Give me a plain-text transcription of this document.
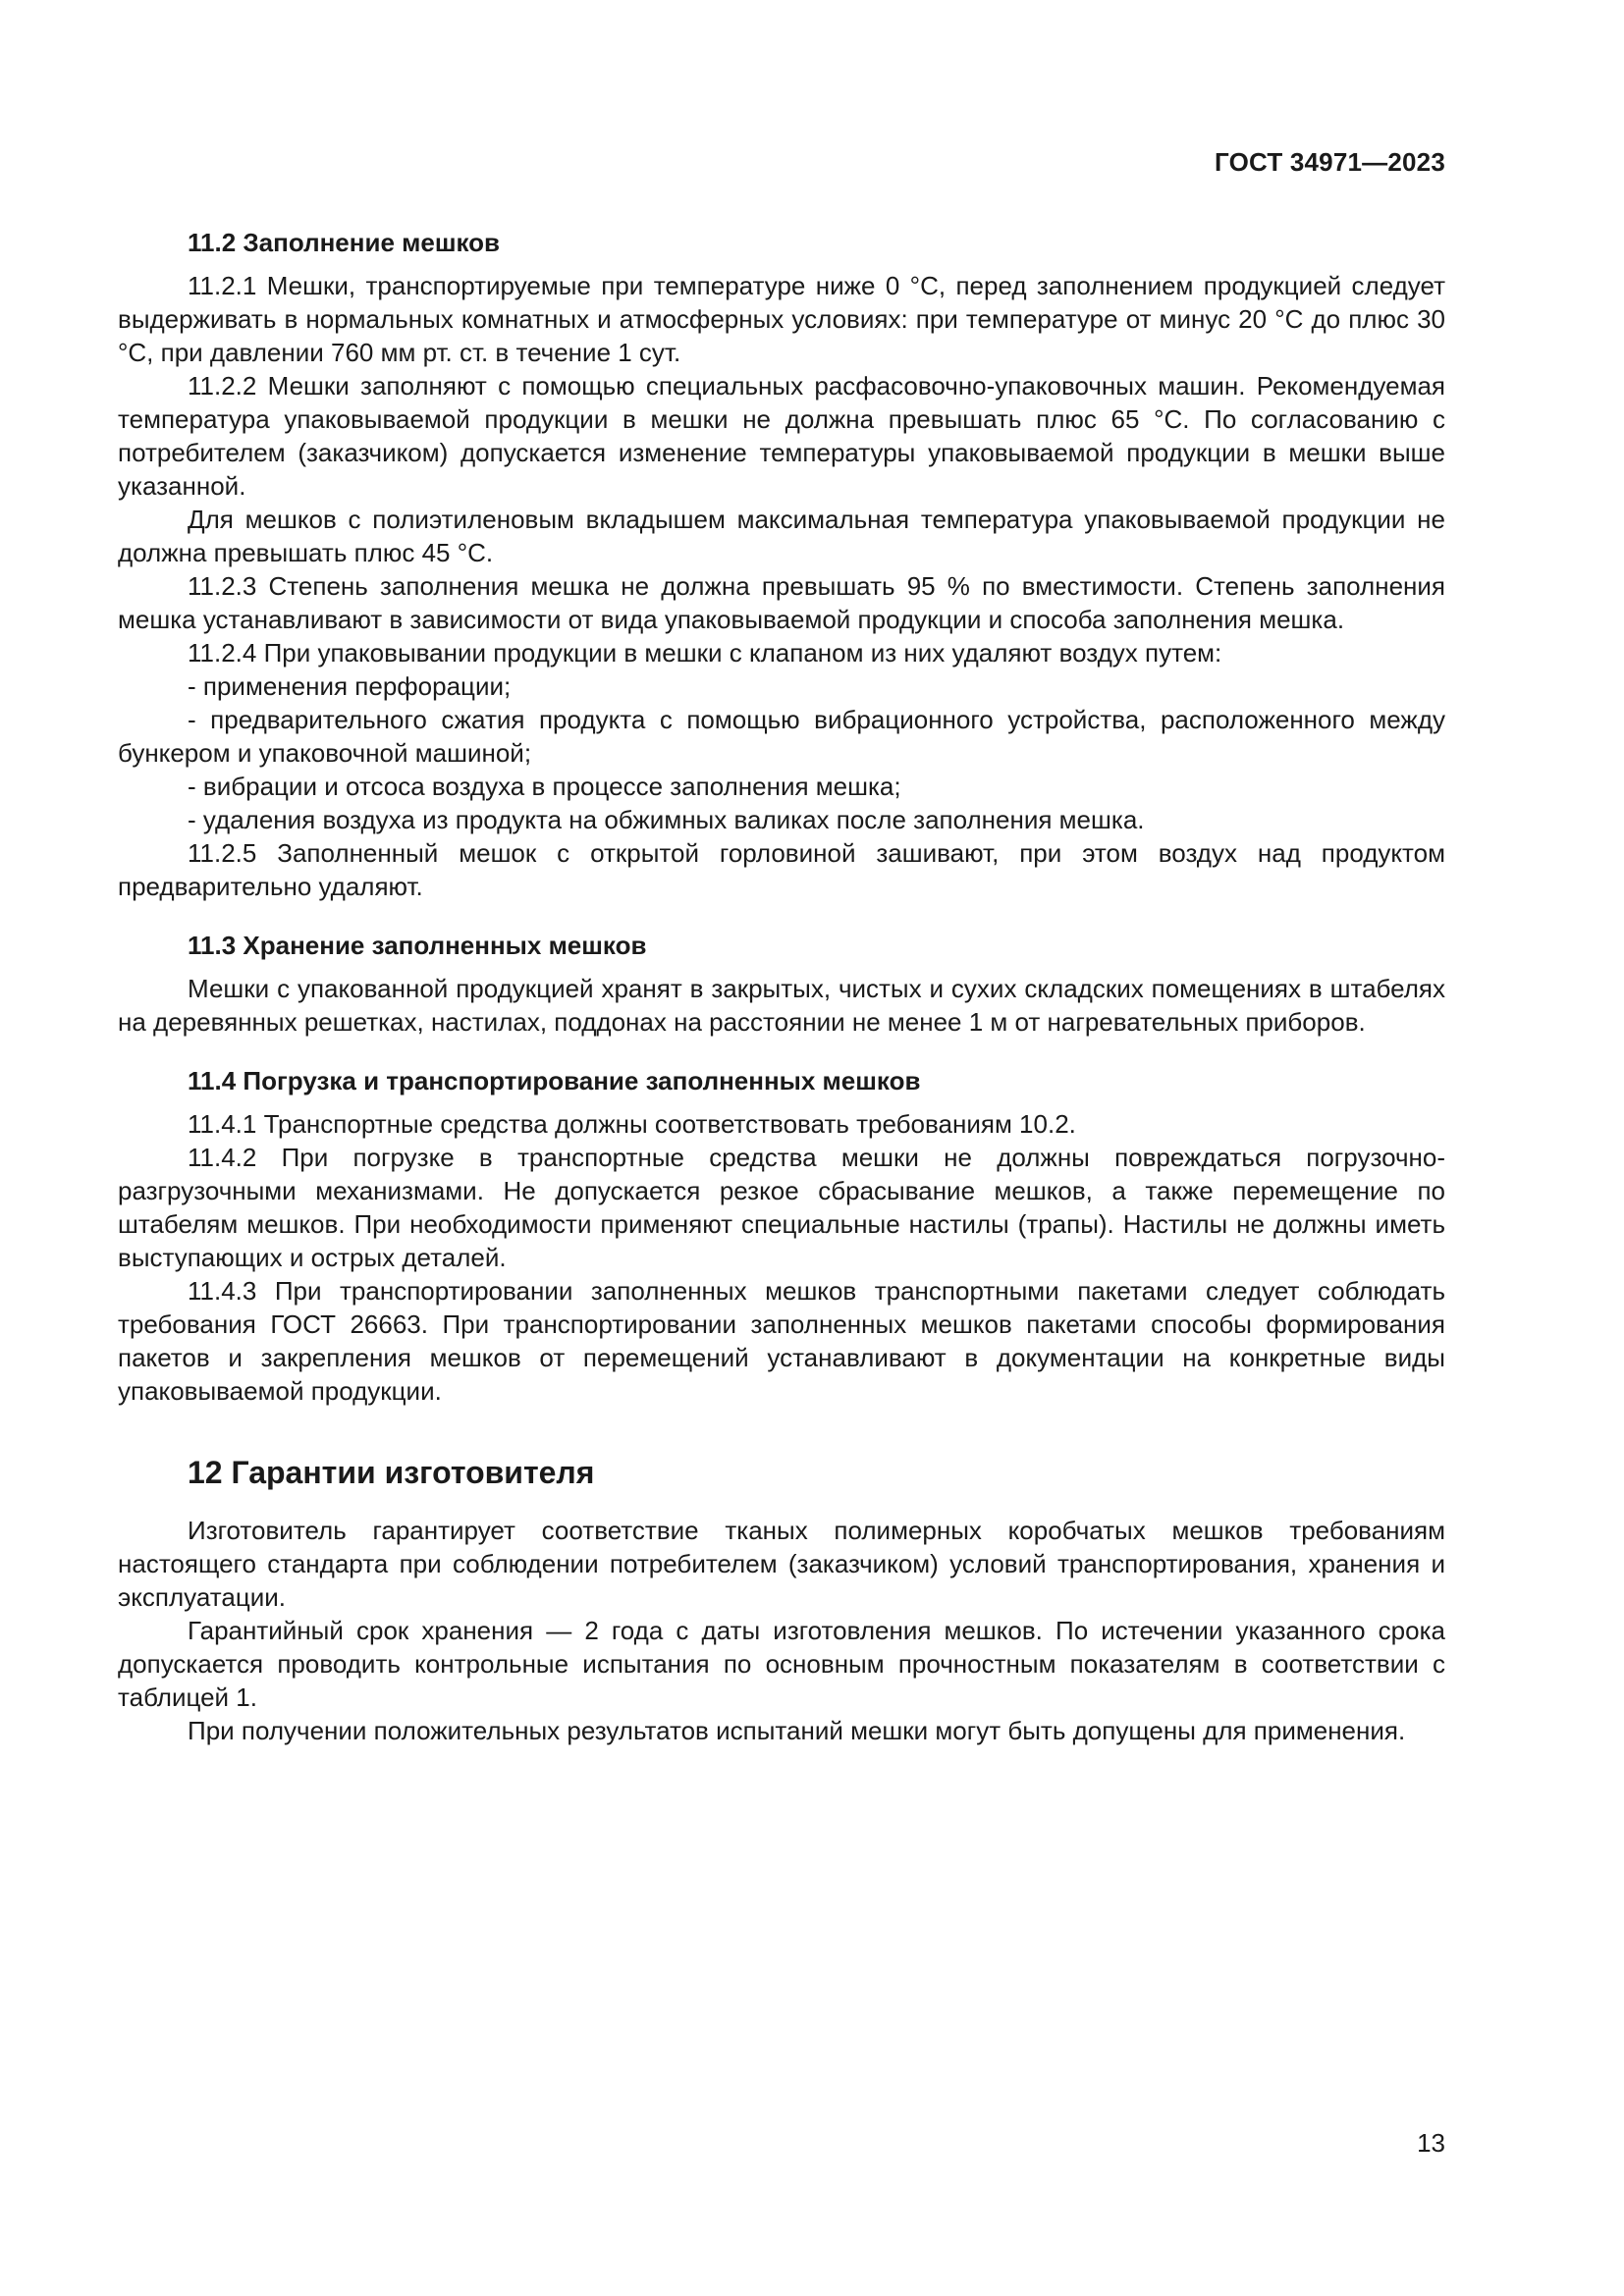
ГОСТ 34971—2023
11.2 Заполнение мешков

11.2.1 Мешки, транспортируемые при температуре ниже 0 °С, перед заполнением продукцией следует выдерживать в нормальных комнатных и атмосферных условиях: при температуре от минус 20 °С до плюс 30 °С, при давлении 760 мм рт. ст. в течение 1 сут.

11.2.2 Мешки заполняют с помощью специальных расфасовочно-упаковочных машин. Рекомендуемая температура упаковываемой продукции в мешки не должна превышать плюс 65 °С. По согласованию с потребителем (заказчиком) допускается изменение температуры упаковываемой продукции в мешки выше указанной.

Для мешков с полиэтиленовым вкладышем максимальная температура упаковываемой продукции не должна превышать плюс 45 °С.

11.2.3 Степень заполнения мешка не должна превышать 95 % по вместимости. Степень заполнения мешка устанавливают в зависимости от вида упаковываемой продукции и способа заполнения мешка.

11.2.4 При упаковывании продукции в мешки с клапаном из них удаляют воздух путем:

- применения перфорации;

- предварительного сжатия продукта с помощью вибрационного устройства, расположенного между бункером и упаковочной машиной;

- вибрации и отсоса воздуха в процессе заполнения мешка;

- удаления воздуха из продукта на обжимных валиках после заполнения мешка.

11.2.5 Заполненный мешок с открытой горловиной зашивают, при этом воздух над продуктом предварительно удаляют.

11.3 Хранение заполненных мешков

Мешки с упакованной продукцией хранят в закрытых, чистых и сухих складских помещениях в штабелях на деревянных решетках, настилах, поддонах на расстоянии не менее 1 м от нагревательных приборов.

11.4 Погрузка и транспортирование заполненных мешков

11.4.1 Транспортные средства должны соответствовать требованиям 10.2.

11.4.2 При погрузке в транспортные средства мешки не должны повреждаться погрузочно-разгрузочными механизмами. Не допускается резкое сбрасывание мешков, а также перемещение по штабелям мешков. При необходимости применяют специальные настилы (трапы). Настилы не должны иметь выступающих и острых деталей.

11.4.3 При транспортировании заполненных мешков транспортными пакетами следует соблюдать требования ГОСТ 26663. При транспортировании заполненных мешков пакетами способы формирования пакетов и закрепления мешков от перемещений устанавливают в документации на конкретные виды упаковываемой продукции.

12 Гарантии изготовителя

Изготовитель гарантирует соответствие тканых полимерных коробчатых мешков требованиям настоящего стандарта при соблюдении потребителем (заказчиком) условий транспортирования, хранения и эксплуатации.

Гарантийный срок хранения — 2 года с даты изготовления мешков. По истечении указанного срока допускается проводить контрольные испытания по основным прочностным показателям в соответствии с таблицей 1.

При получении положительных результатов испытаний мешки могут быть допущены для применения.

13
